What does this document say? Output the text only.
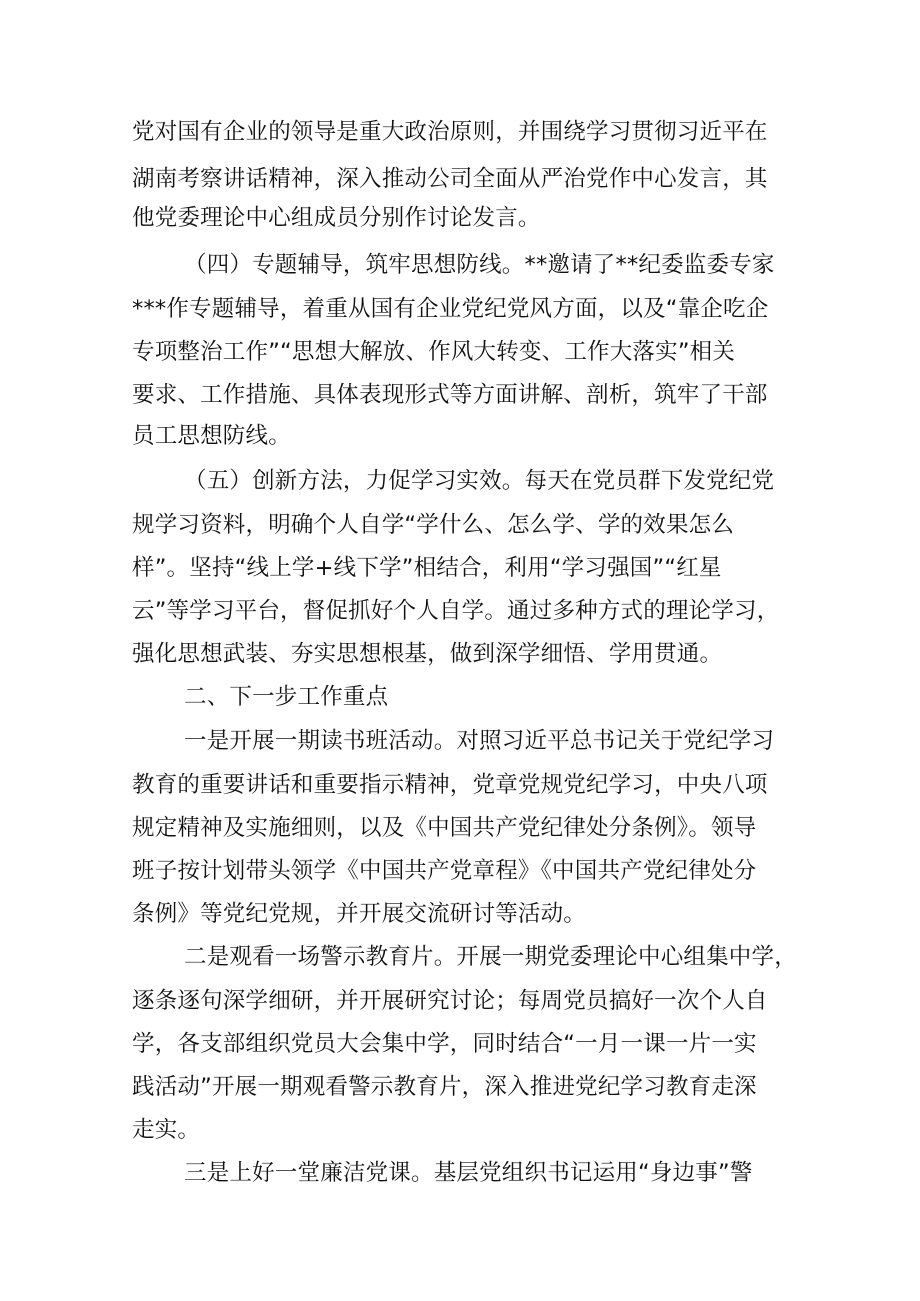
党对国有企业的领导是重大政治原则，并围绕学习贯彻习近平在
湖南考察讲话精神，深入推动公司全面从严治党作中心发言，其
他党委理论中心组成员分别作讨论发言。
（四）专题辅导，筑牢思想防线。**邀请了**纪委监委专家
***作专题辅导，着重从国有企业党纪党风方面，以及“靠企吃企
专项整治工作”“思想大解放、作风大转变、工作大落实”相关
要求、工作措施、具体表现形式等方面讲解、剖析，筑牢了干部
员工思想防线。
（五）创新方法，力促学习实效。每天在党员群下发党纪党
规学习资料，明确个人自学“学什么、怎么学、学的效果怎么
样”。坚持“线上学+线下学”相结合，利用“学习强国”“红星
云”等学习平台，督促抓好个人自学。通过多种方式的理论学习，
强化思想武装、夯实思想根基，做到深学细悟、学用贯通。
二、下一步工作重点
一是开展一期读书班活动。对照习近平总书记关于党纪学习
教育的重要讲话和重要指示精神，党章党规党纪学习，中央八项
规定精神及实施细则，以及《中国共产党纪律处分条例》。领导
班子按计划带头领学《中国共产党章程》《中国共产党纪律处分
条例》等党纪党规，并开展交流研讨等活动。
二是观看一场警示教育片。开展一期党委理论中心组集中学，
逐条逐句深学细研，并开展研究讨论；每周党员搞好一次个人自
学，各支部组织党员大会集中学，同时结合“一月一课一片一实
践活动”开展一期观看警示教育片，深入推进党纪学习教育走深
走实。
三是上好一堂廉洁党课。基层党组织书记运用“身边事”警
